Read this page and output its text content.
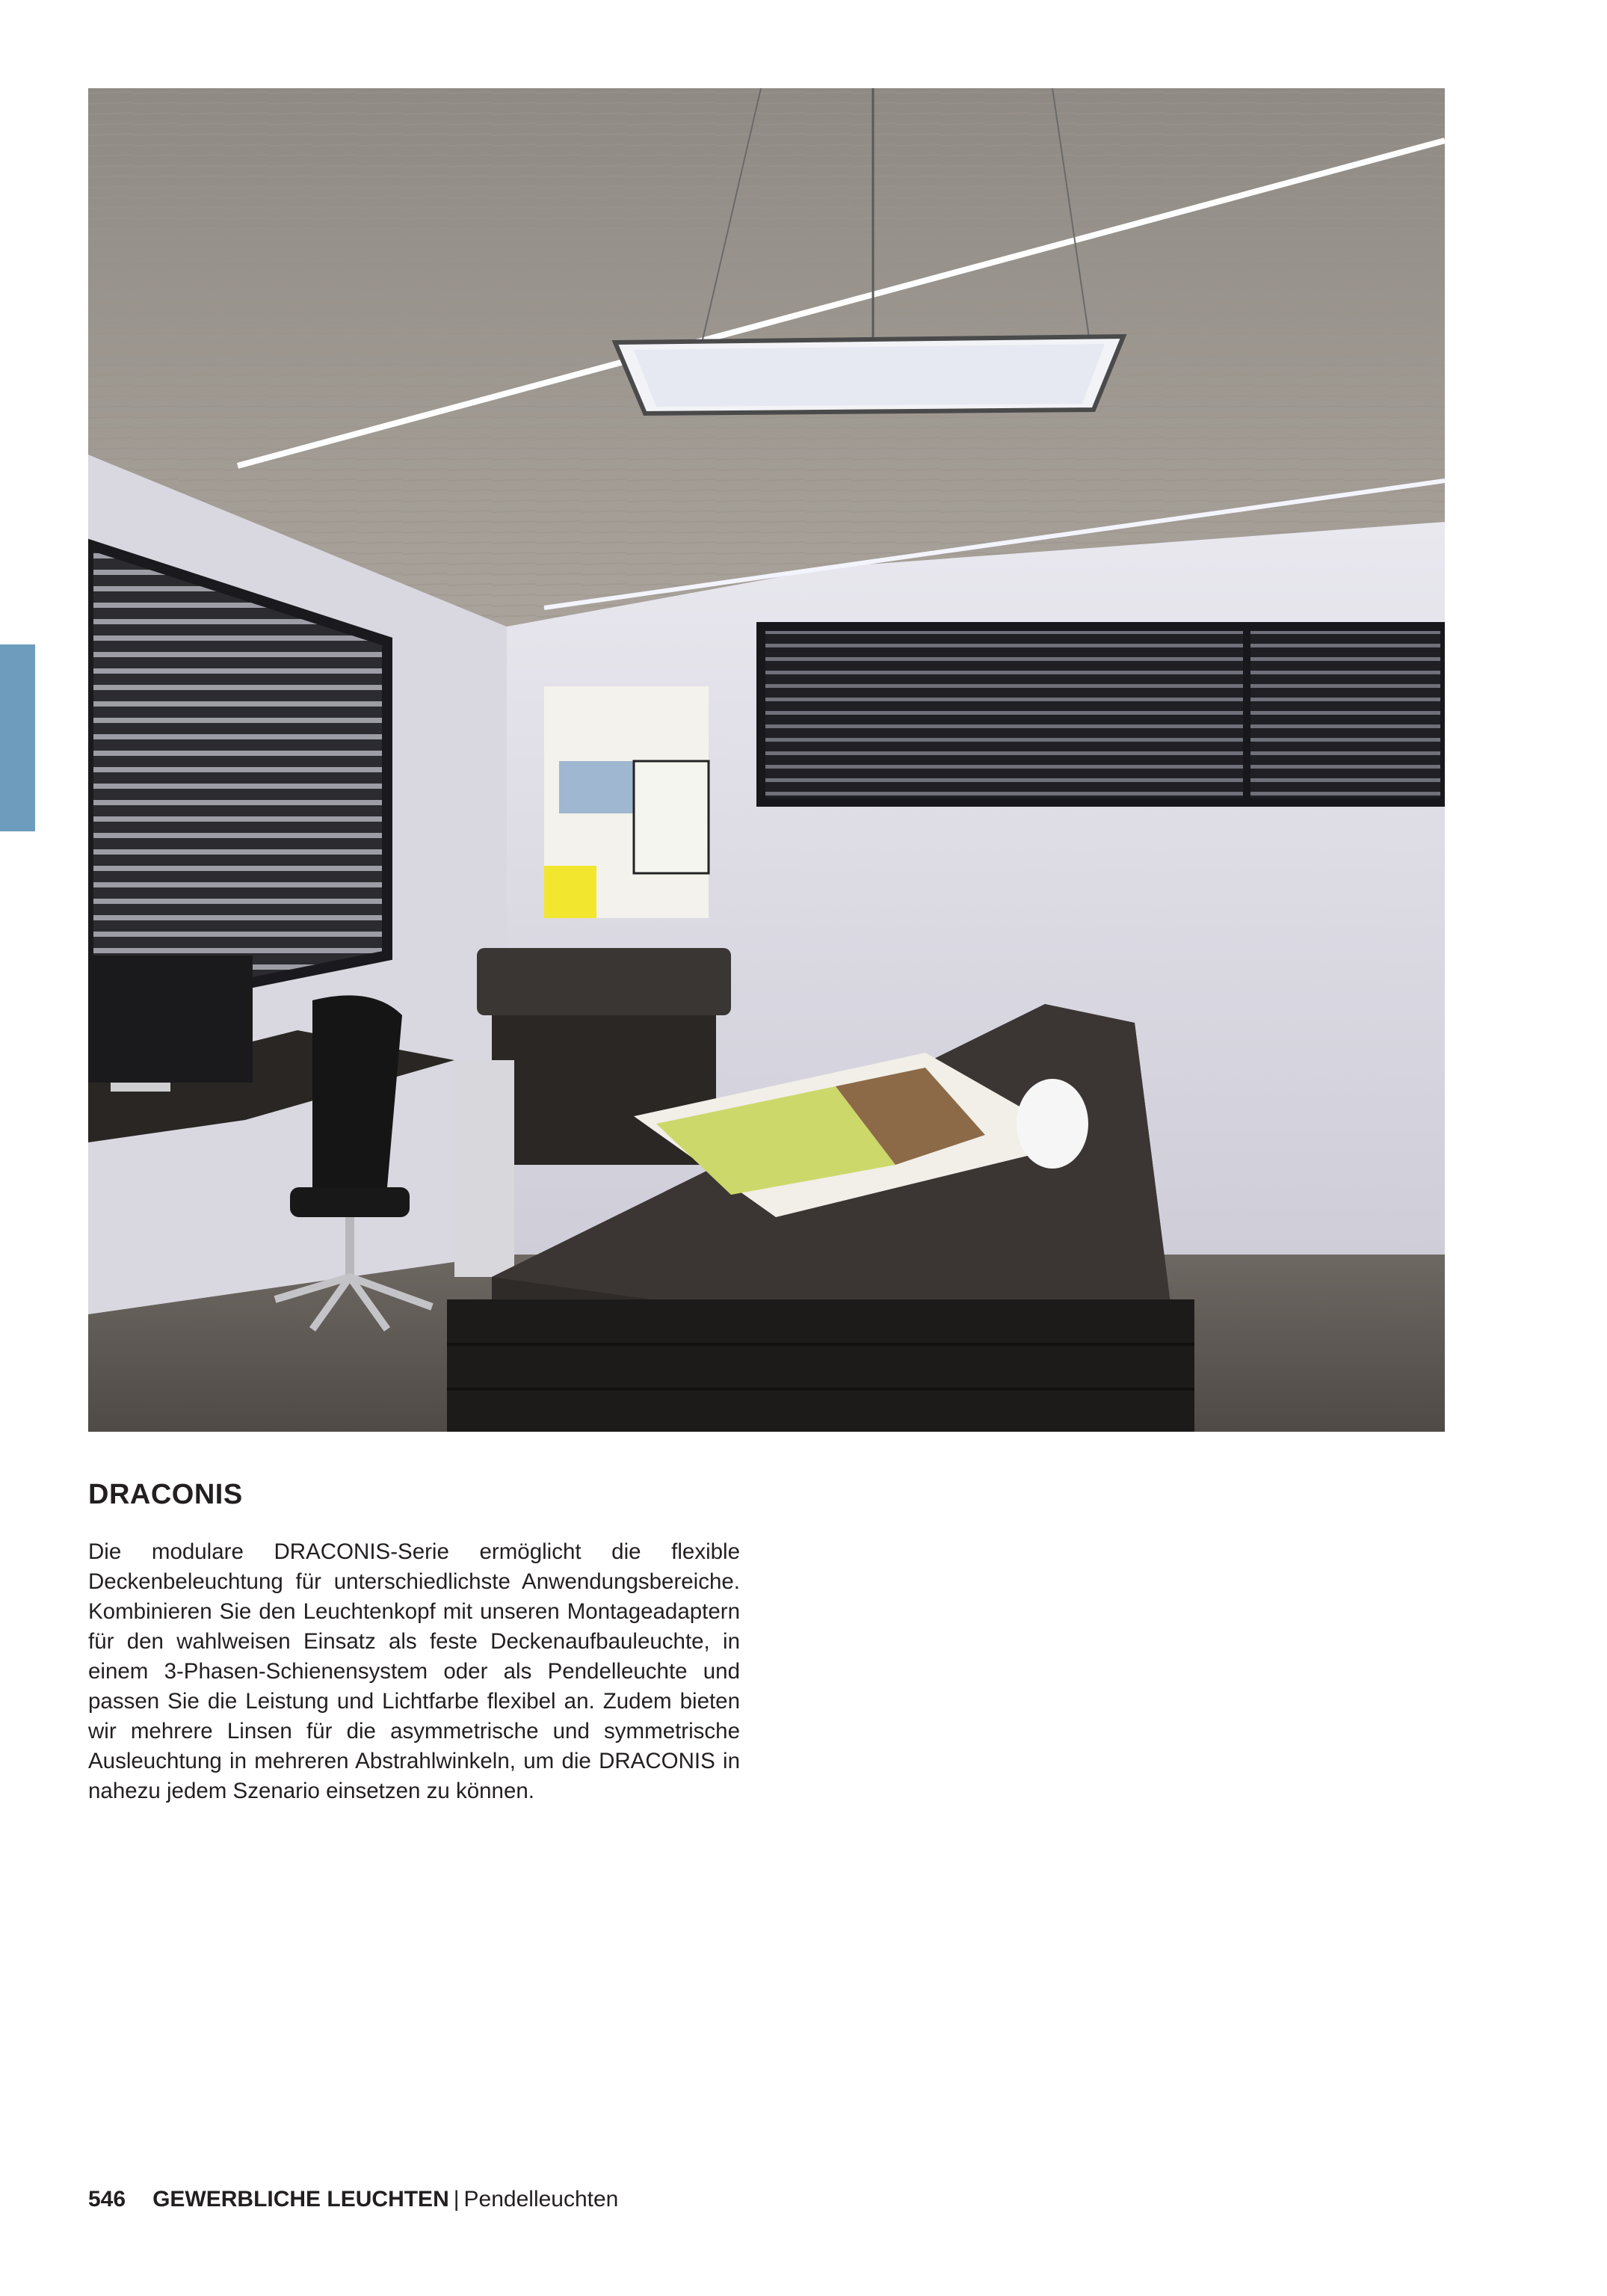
DRACONIS

Die modulare DRACONIS-Serie ermöglicht die flexible Deckenbeleuchtung für unterschiedlichste Anwendungsbereiche. Kombinieren Sie den Leuchtenkopf mit unseren Montageadaptern für den wahlweisen Einsatz als feste Deckenaufbauleuchte, in einem 3-Phasen-Schienensystem oder als Pendelleuchte und passen Sie die Leistung und Lichtfarbe flexibel an. Zudem bieten wir mehrere Linsen für die asymmetrische und symmetrische Ausleuchtung in mehreren Abstrahlwinkeln, um die DRACONIS in nahezu jedem Szenario einsetzen zu können.

546 GEWERBLICHE LEUCHTEN | Pendelleuchten
